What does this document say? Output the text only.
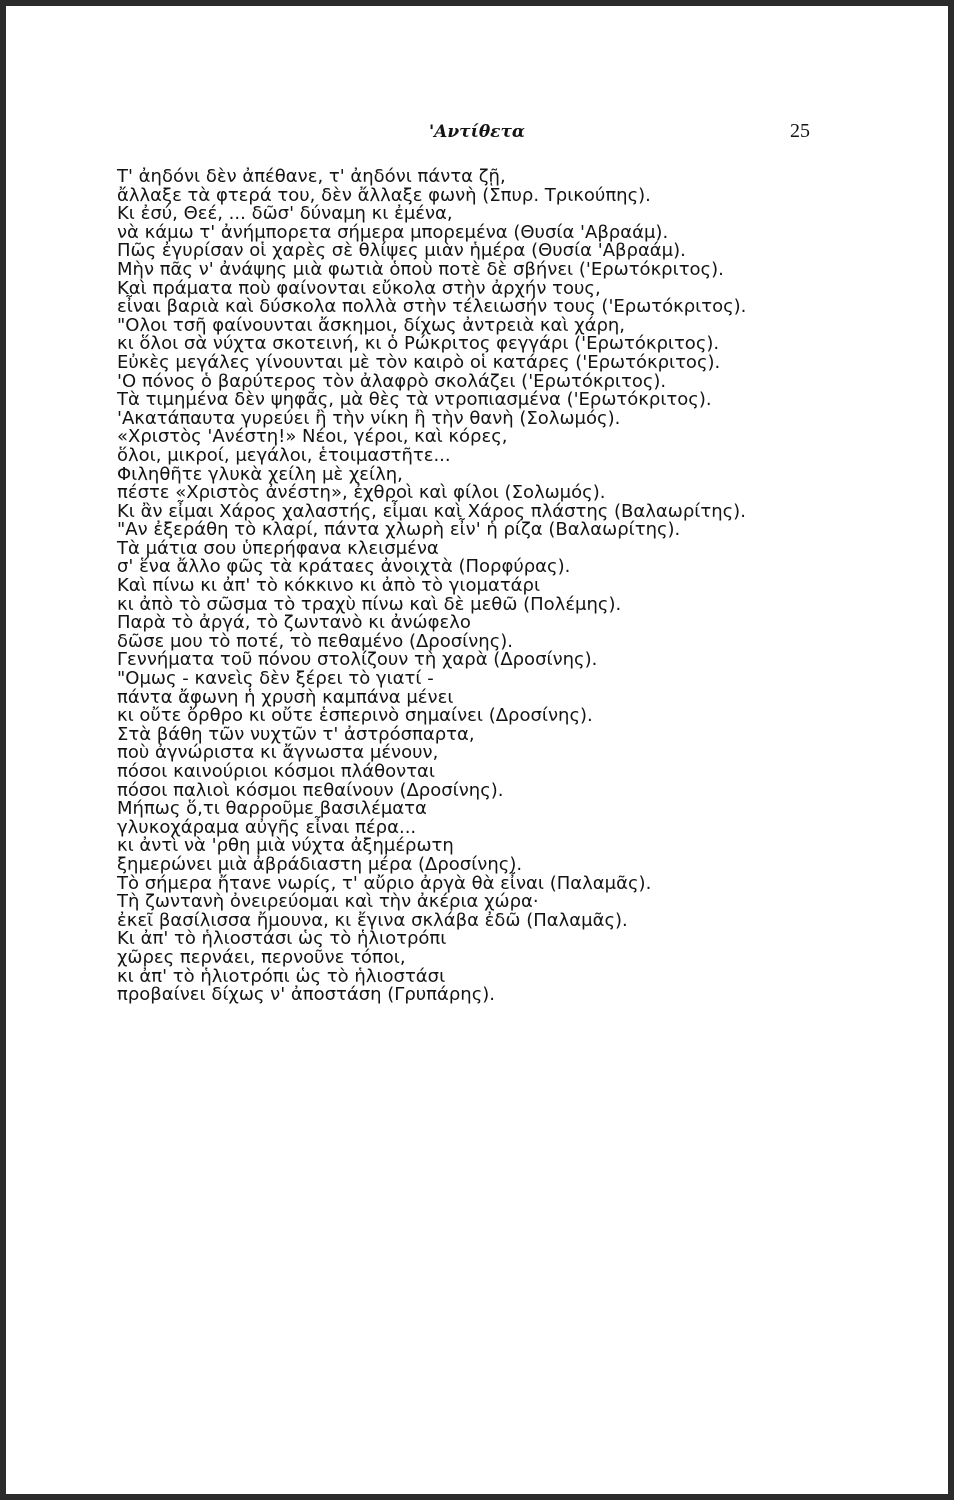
'Αντίθετα	25
Τ' ἀηδόνι δὲν ἀπέθανε, τ' ἀηδόνι πάντα ζῇ,
ἄλλαξε τὰ φτερά του, δὲν ἄλλαξε φωνὴ (Σπυρ. Τρικούπης).
Κι ἐσύ, Θεέ, ... δῶσ' δύναμη κι ἐμένα,
νὰ κάμω τ' ἀνήμπορετα σήμερα μπορεμένα (Θυσία 'Αβραάμ).
Πῶς ἐγυρίσαν οἱ χαρὲς σὲ θλίψες μιὰν ἡμέρα (Θυσία 'Αβραάμ).
Μὴν πᾶς ν' ἀνάψης μιὰ φωτιὰ ὁποὺ ποτὲ δὲ σβήνει ('Ερωτόκριτος).
Καὶ πράματα ποὺ φαίνονται εὔκολα στὴν ἀρχήν τους,
εἶναι βαριὰ καὶ δύσκολα πολλὰ στὴν τέλειωσήν τους ('Ερωτόκριτος).
"Ολοι τσῆ φαίνουνται ἄσκημοι, δίχως ἀντρειὰ καὶ χάρη,
κι ὅλοι σὰ νύχτα σκοτεινή, κι ὁ Ρώκριτος φεγγάρι ('Ερωτόκριτος).
Εὐκὲς μεγάλες γίνουνται μὲ τὸν καιρὸ οἱ κατάρες ('Ερωτόκριτος).
'Ο πόνος ὁ βαρύτερος τὸν ἀλαφρὸ σκολάζει ('Ερωτόκριτος).
Τὰ τιμημένα δὲν ψηφᾶς, μὰ θὲς τὰ ντροπιασμένα ('Ερωτόκριτος).
'Ακατάπαυτα γυρεύει ἢ τὴν νίκη ἢ τὴν θανὴ (Σολωμός).
«Χριστὸς 'Ανέστη!» Νέοι, γέροι, καὶ κόρες,
ὅλοι, μικροί, μεγάλοι, ἑτοιμαστῆτε...
Φιληθῆτε γλυκὰ χείλη μὲ χείλη,
πέστε «Χριστὸς ἀνέστη», ἐχθροὶ καὶ φίλοι (Σολωμός).
Κι ἂν εἶμαι Χάρος χαλαστής, εἶμαι καὶ Χάρος πλάστης (Βαλαωρίτης).
"Αν ἐξεράθη τὸ κλαρί, πάντα χλωρὴ εἶν' ἡ ρίζα (Βαλαωρίτης).
Τὰ μάτια σου ὑπερήφανα κλεισμένα
σ' ἕνα ἄλλο φῶς τὰ κράταες ἀνοιχτὰ (Πορφύρας).
Καὶ πίνω κι ἀπ' τὸ κόκκινο κι ἀπὸ τὸ γιοματάρι
κι ἀπὸ τὸ σῶσμα τὸ τραχὺ πίνω καὶ δὲ μεθῶ (Πολέμης).
Παρὰ τὸ ἀργά, τὸ ζωντανὸ κι ἀνώφελο
δῶσε μου τὸ ποτέ, τὸ πεθαμένο (Δροσίνης).
Γεννήματα τοῦ πόνου στολίζουν τὴ χαρὰ (Δροσίνης).
"Ομως - κανεὶς δὲν ξέρει τὸ γιατί -
πάντα ἄφωνη ἡ χρυσὴ καμπάνα μένει
κι οὔτε ὄρθρο κι οὔτε ἑσπερινὸ σημαίνει (Δροσίνης).
Στὰ βάθη τῶν νυχτῶν τ' ἀστρόσπαρτα,
ποὺ ἀγνώριστα κι ἄγνωστα μένουν,
πόσοι καινούριοι κόσμοι πλάθονται
πόσοι παλιοὶ κόσμοι πεθαίνουν (Δροσίνης).
Μήπως ὅ,τι θαρροῦμε βασιλέματα
γλυκοχάραμα αὐγῆς εἶναι πέρα...
κι ἀντὶ νὰ 'ρθη μιὰ νύχτα ἀξημέρωτη
ξημερώνει μιὰ ἀβράδιαστη μέρα (Δροσίνης).
Τὸ σήμερα ἤτανε νωρίς, τ' αὔριο ἀργὰ θὰ εἶναι (Παλαμᾶς).
Τὴ ζωντανὴ ὀνειρεύομαι καὶ τὴν ἀκέρια χώρα·
ἐκεῖ βασίλισσα ἤμουνα, κι ἔγινα σκλάβα ἐδῶ (Παλαμᾶς).
Κι ἀπ' τὸ ἡλιοστάσι ὡς τὸ ἡλιοτρόπι
χῶρες περνάει, περνοῦνε τόποι,
κι ἀπ' τὸ ἡλιοτρόπι ὡς τὸ ἡλιοστάσι
προβαίνει δίχως ν' ἀποστάση (Γρυπάρης).
